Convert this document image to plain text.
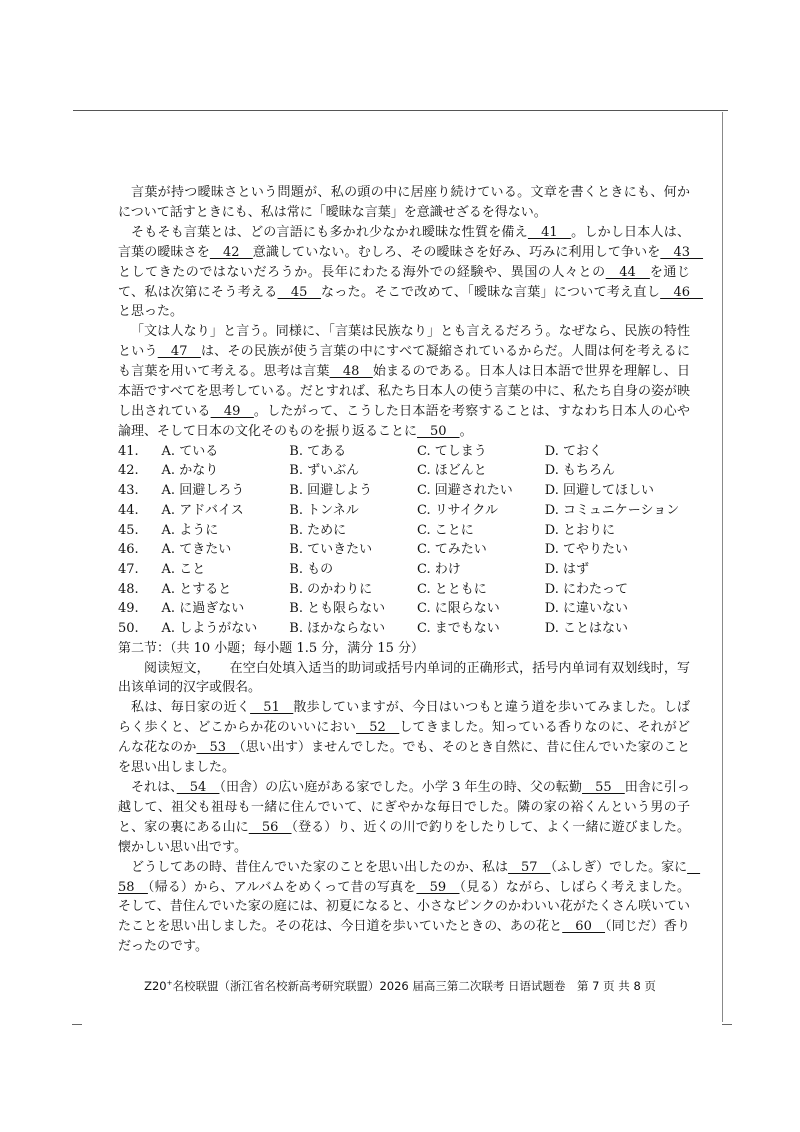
言葉が持つ曖昧さという問題が、私の頭の中に居座り続けている。文章を書くときにも、何かについて話すときにも、私は常に「曖昧な言葉」を意識せざるを得ない。

そもそも言葉とは、どの言語にも多かれ少なかれ曖昧な性質を備え　41　。しかし日本人は、言葉の曖昧さを　42　意識していない。むしろ、その曖昧さを好み、巧みに利用して争いを　43　としてきたのではないだろうか。長年にわたる海外での経験や、異国の人々との　44　を通じて、私は次第にそう考える　45　なった。そこで改めて、「曖昧な言葉」について考え直し　46　と思った。

「文は人なり」と言う。同様に、「言葉は民族なり」とも言えるだろう。なぜなら、民族の特性という　47　は、その民族が使う言葉の中にすべて凝縮されているからだ。人間は何を考えるにも言葉を用いて考える。思考は言葉　48　始まるのである。日本人は日本語で世界を理解し、日本語ですべてを思考している。だとすれば、私たち日本人の使う言葉の中に、私たち自身の姿が映し出されている　49　。したがって、こうした日本語を考察することは、すなわち日本人の心や論理、そして日本の文化そのものを振り返ることに　50　。

41.	A. ている	B. てある	C. てしまう	D. ておく
42.	A. かなり	B. ずいぶん	C. ほどんと	D. もちろん
43.	A. 回避しろう	B. 回避しよう	C. 回避されたい	D. 回避してほしい
44.	A. アドバイス	B. トンネル	C. リサイクル	D. コミュニケーション
45.	A. ように	B. ために	C. ことに	D. とおりに
46.	A. てきたい	B. ていきたい	C. てみたい	D. てやりたい
47.	A. こと	B. もの	C. わけ	D. はず
48.	A. とすると	B. のかわりに	C. とともに	D. にわたって
49.	A. に過ぎない	B. とも限らない	C. に限らない	D. に違いない
50.	A. しようがない	B. ほかならない	C. までもない	D. ことはない

第二节：（共 10 小题；每小题 1.5 分，满分 15 分）

阅读短文，　　在空白处填入适当的助词或括号内单词的正确形式，括号内单词有双划线时，写出该单词的汉字或假名。

私は、毎日家の近く　51　散歩していますが、今日はいつもと違う道を歩いてみました。しばらく歩くと、どこからか花のいいにおい　52　してきました。知っている香りなのに、それがどんな花なのか　53　（思い出す）ませんでした。でも、そのとき自然に、昔に住んでいた家のことを思い出しました。

それは、　54　（田舎）の広い庭がある家でした。小学 3 年生の時、父の転勤　55　田舎に引っ越して、祖父も祖母も一緒に住んでいて、にぎやかな毎日でした。隣の家の裕くんという男の子と、家の裏にある山に　56　（登る）り、近くの川で釣りをしたりして、よく一緒に遊びました。懐かしい思い出です。

どうしてあの時、昔住んでいた家のことを思い出したのか、私は　57　（ふしぎ）でした。家に　58　（帰る）から、アルバムをめくって昔の写真を　59　（見る）ながら、しばらく考えました。そして、昔住んでいた家の庭には、初夏になると、小さなピンクのかわいい花がたくさん咲いていたことを思い出しました。その花は、今日道を歩いていたときの、あの花と　60　（同じだ）香りだったのです。

Z20+名校联盟（浙江省名校新高考研究联盟）2026 届高三第二次联考 日语试题卷　第 7 页 共 8 页
